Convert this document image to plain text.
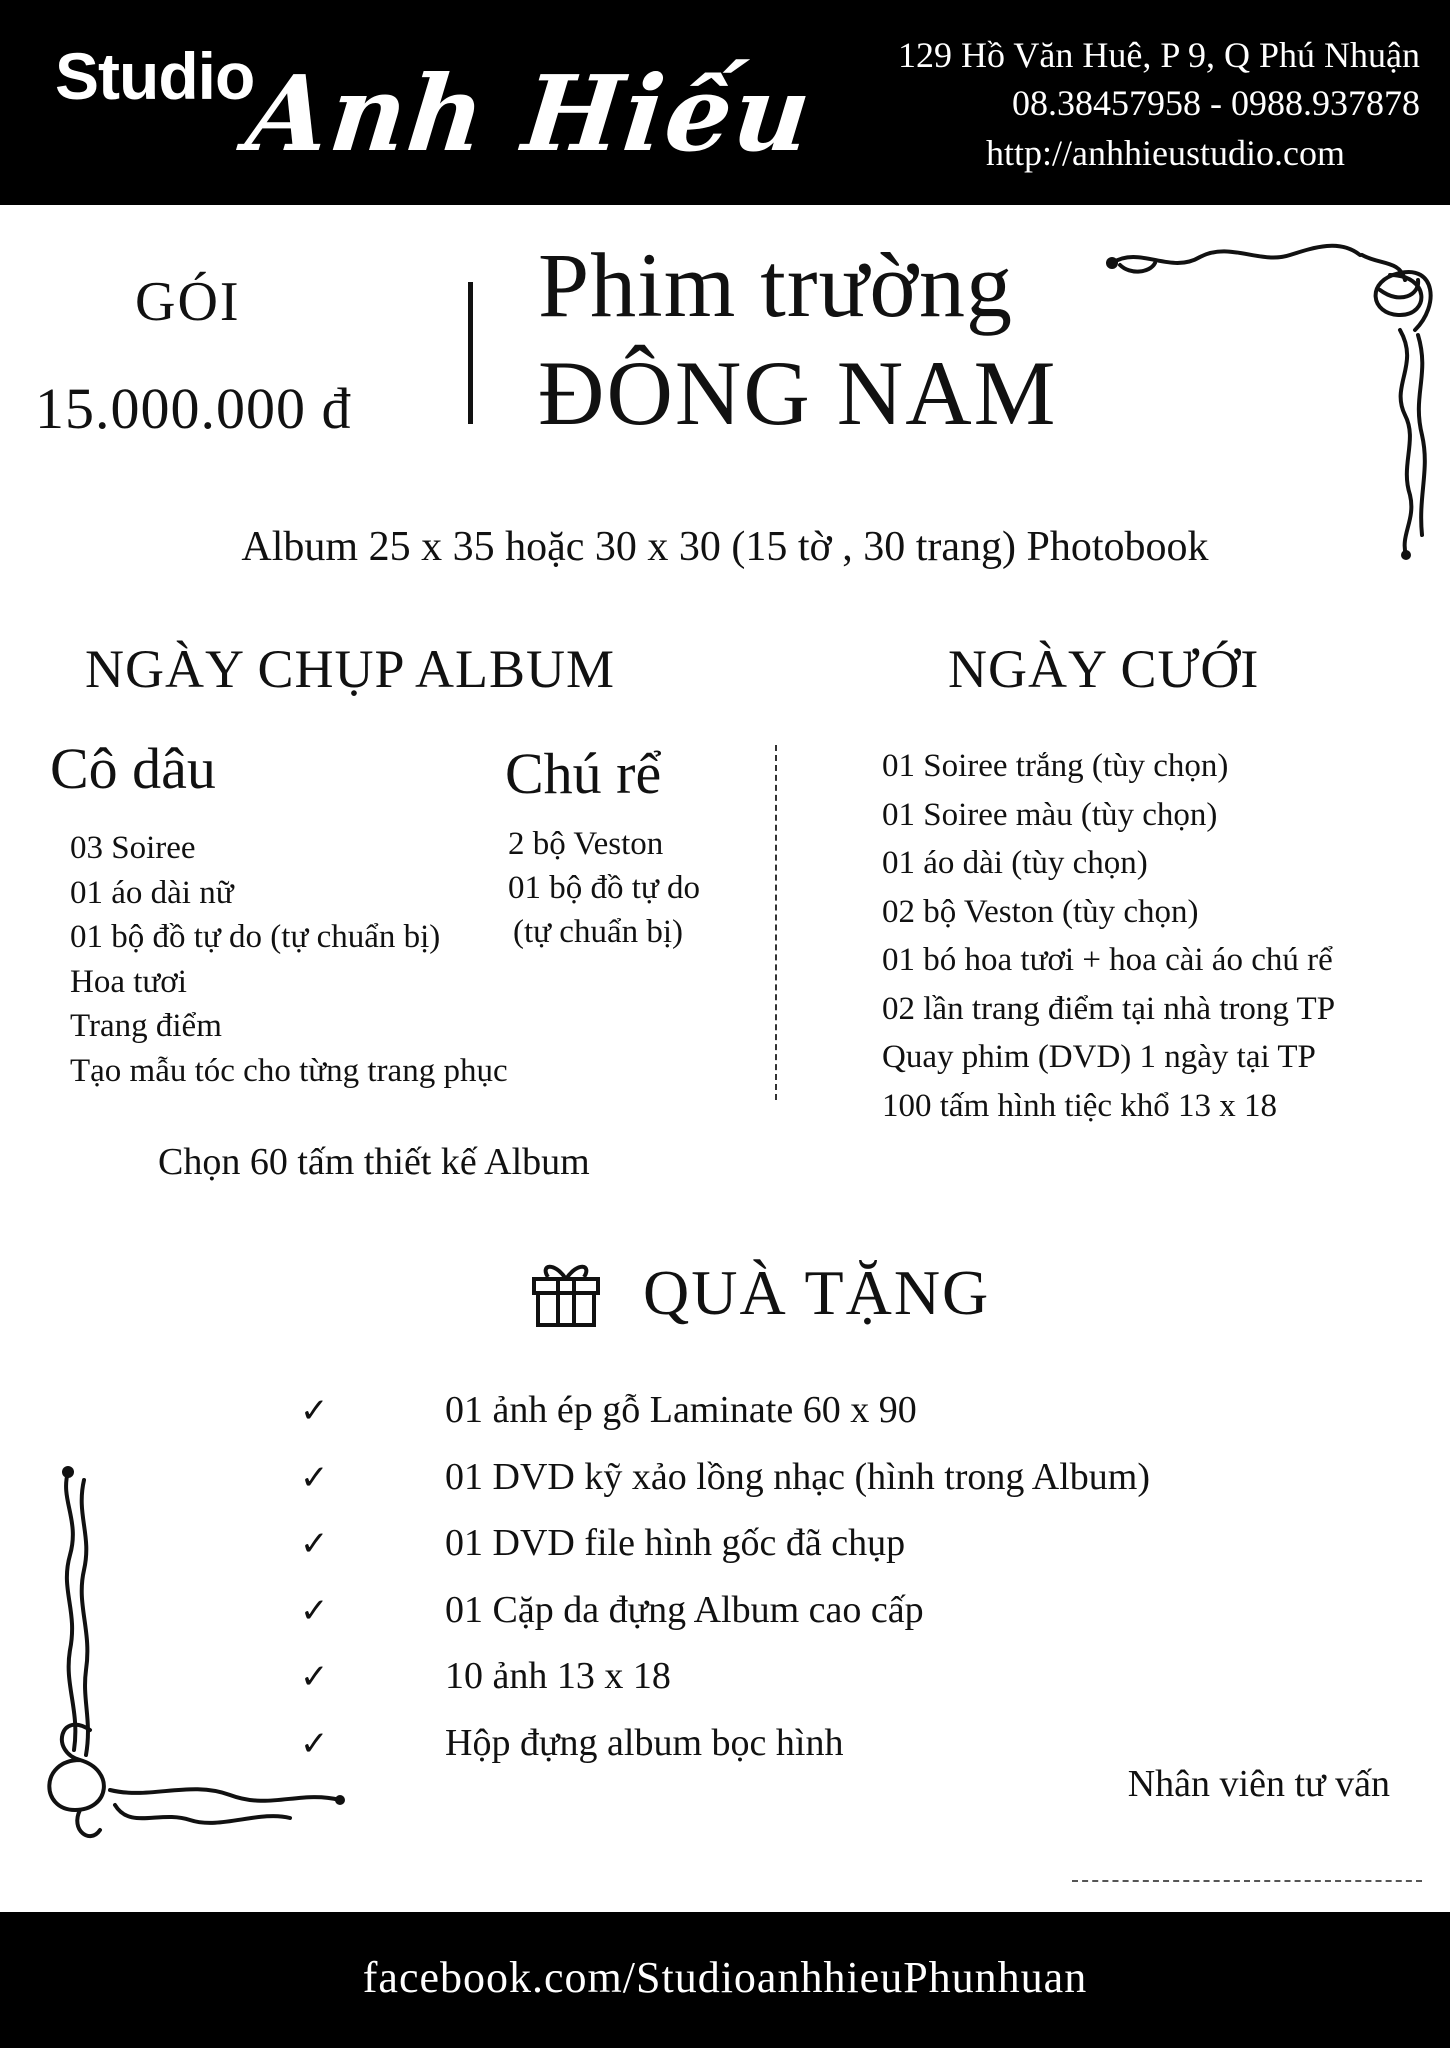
Studio
Anh Hiếu 129 Hồ Văn Huê, P 9, Q Phú Nhuận
08.38457958 - 0988.937878
http://anhhieustudio.com
GÓI
15.000.000 đ
Phim trường
ĐÔNG NAM
Album 25 x 35 hoặc 30 x 30 (15 tờ , 30 trang) Photobook
NGÀY CHỤP ALBUM	NGÀY CƯỚI
Cô dâu	Chú rể
03 Soiree
01 áo dài nữ
01 bộ đồ tự do (tự chuẩn bị)
Hoa tươi
Trang điểm
Tạo mẫu tóc cho từng trang phục
2 bộ Veston
01 bộ đồ tự do
(tự chuẩn bị)
01 Soiree trắng (tùy chọn)
01 Soiree màu (tùy chọn)
01 áo dài (tùy chọn)
02 bộ Veston (tùy chọn)
01 bó hoa tươi + hoa cài áo chú rể
02 lần trang điểm tại nhà trong TP
Quay phim (DVD) 1 ngày tại TP
100 tấm hình tiệc khổ 13 x 18
Chọn 60 tấm thiết kế Album
QUÀ TẶNG
✓	01 ảnh ép gỗ Laminate 60 x 90
✓	01 DVD kỹ xảo lồng nhạc (hình trong Album)
✓	01 DVD file hình gốc đã chụp
✓	01 Cặp da đựng Album cao cấp
✓	10 ảnh 13 x 18
✓	Hộp đựng album bọc hình
Nhân viên tư vấn
facebook.com/StudioanhhieuPhunhuan
